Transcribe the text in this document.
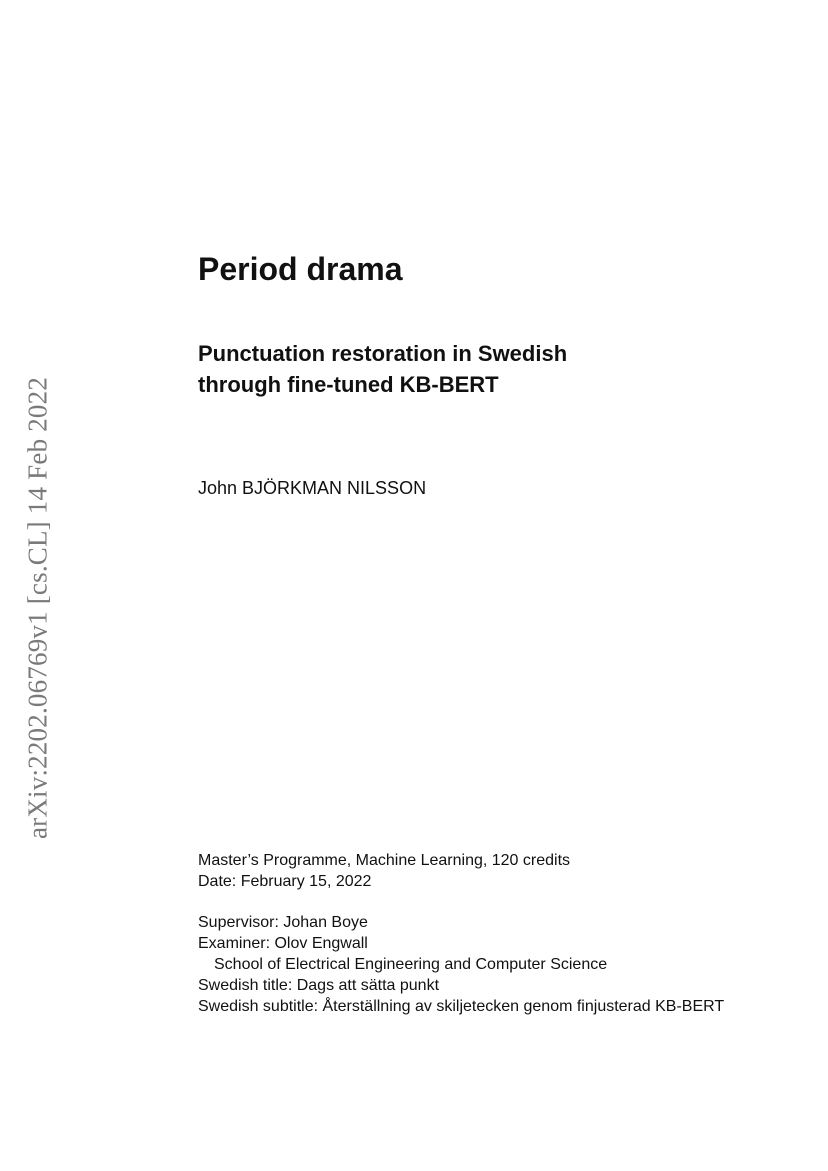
arXiv:2202.06769v1 [cs.CL] 14 Feb 2022
Period drama
Punctuation restoration in Swedish
through fine-tuned KB-BERT

John BJÖRKMAN NILSSON

Master’s Programme, Machine Learning, 120 credits
Date: February 15, 2022
Supervisor: Johan Boye
Examiner: Olov Engwall
School of Electrical Engineering and Computer Science
Swedish title: Dags att sätta punkt
Swedish subtitle: Återställning av skiljetecken genom finjusterad KB-BERT
